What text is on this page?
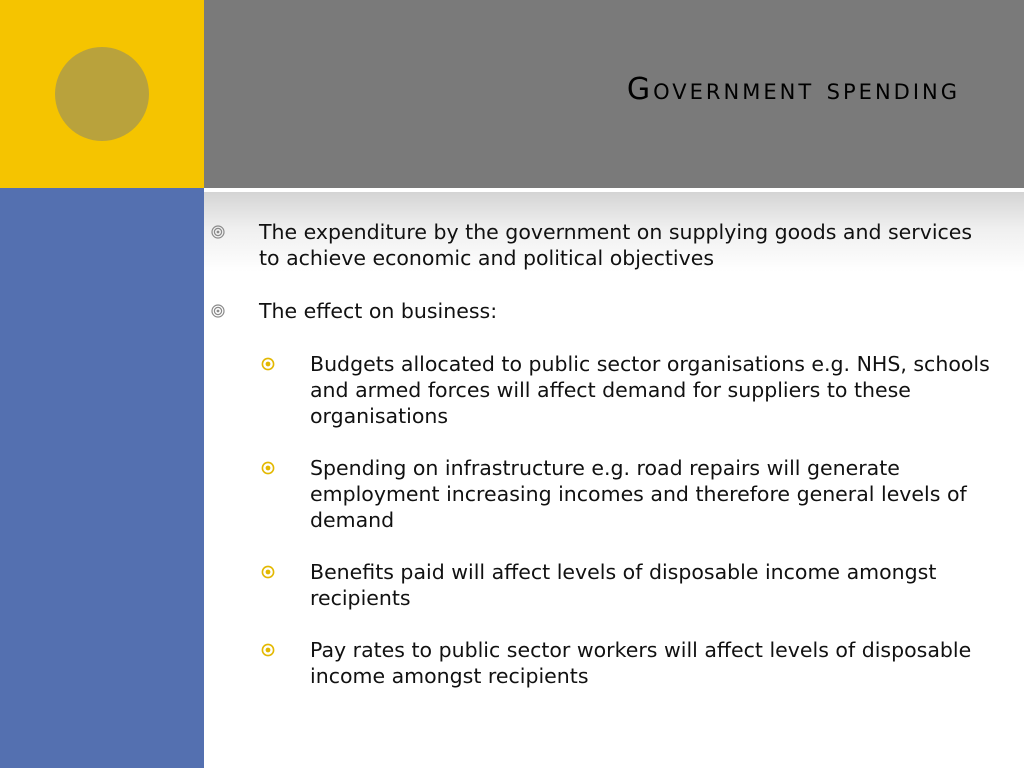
Government spending
The expenditure by the government on supplying goods and services to achieve economic and political objectives
The effect on business:
Budgets allocated to public sector organisations e.g. NHS, schools and armed forces will affect demand for suppliers to these organisations
Spending on infrastructure e.g. road repairs will generate employment increasing incomes and therefore general levels of demand
Benefits paid will affect levels of disposable income amongst recipients
Pay rates to public sector workers will affect levels of disposable income amongst recipients
